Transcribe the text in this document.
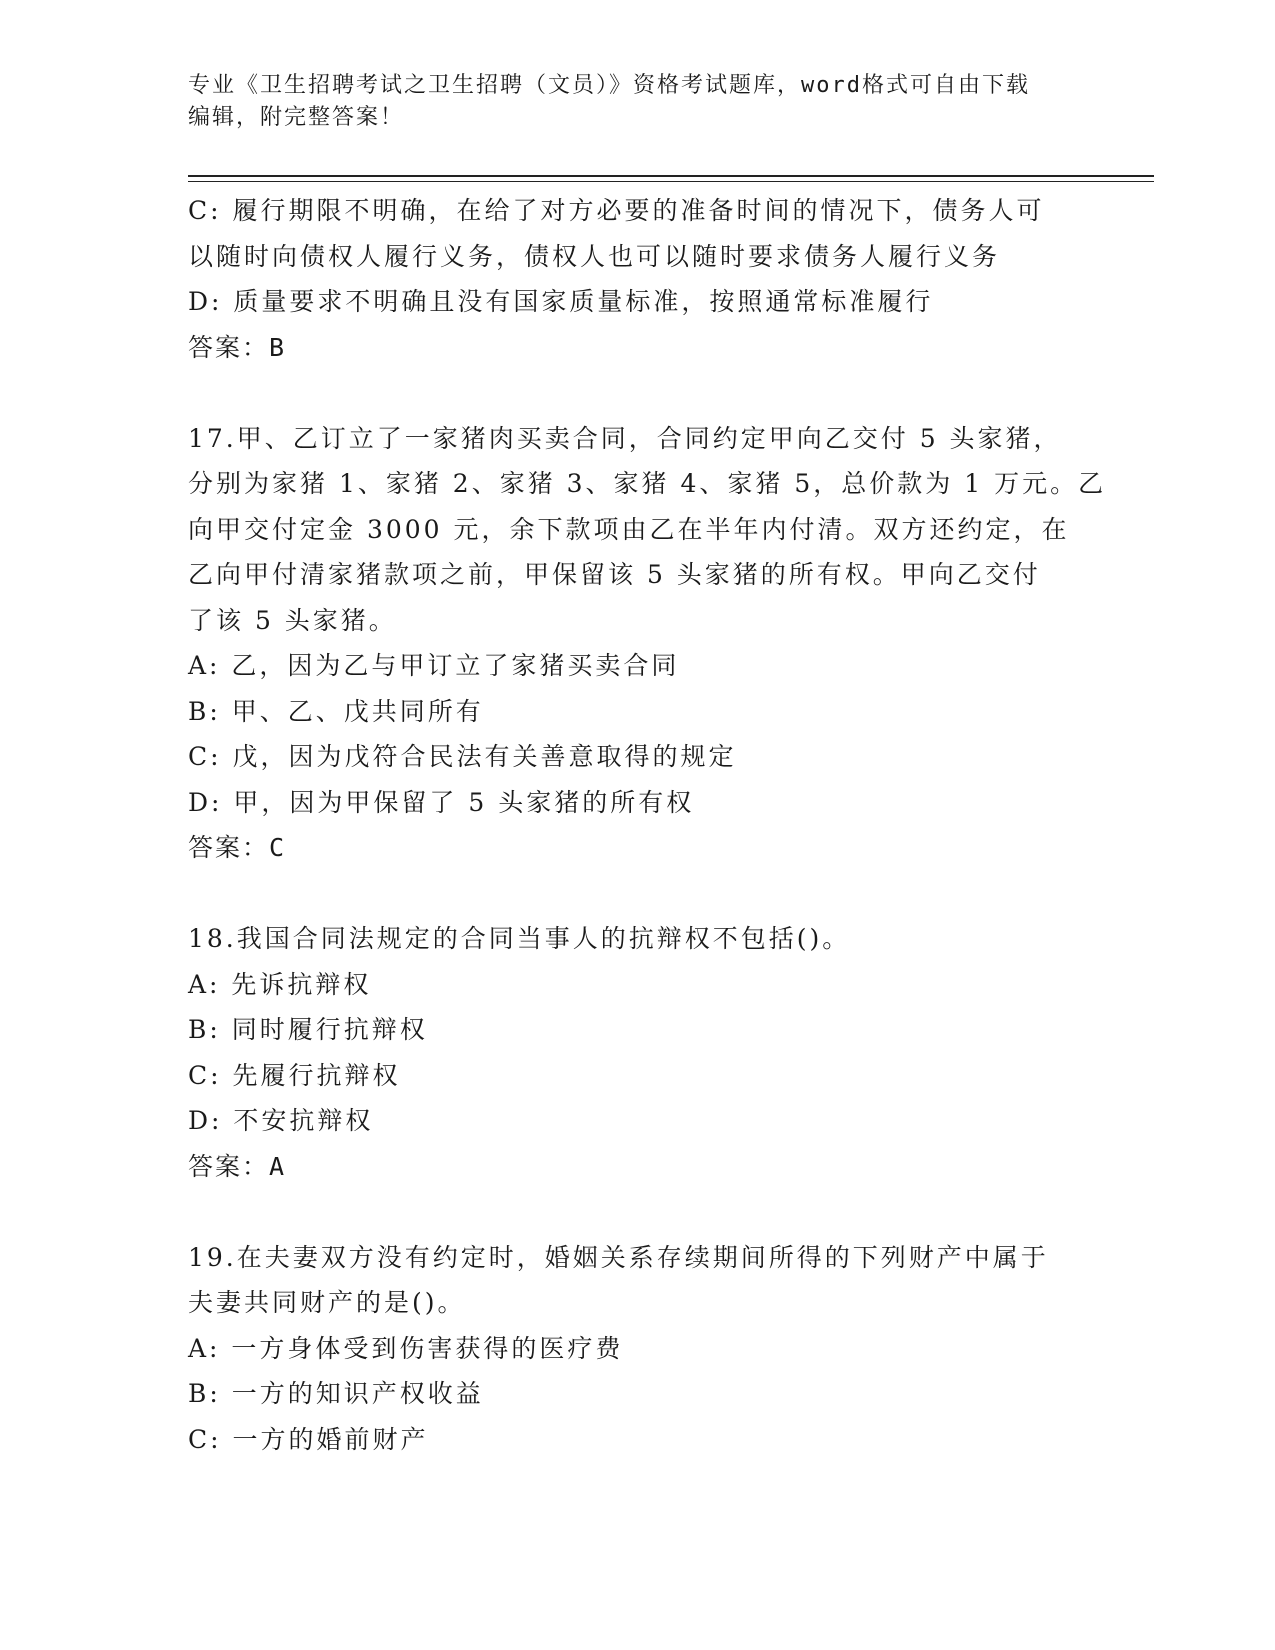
专业《卫生招聘考试之卫生招聘（文员）》资格考试题库，word格式可自由下载
编辑，附完整答案！
C: 履行期限不明确，在给了对方必要的准备时间的情况下，债务人可
以随时向债权人履行义务，债权人也可以随时要求债务人履行义务
D: 质量要求不明确且没有国家质量标准，按照通常标准履行
答案：B
17.甲、乙订立了一家猪肉买卖合同，合同约定甲向乙交付 5 头家猪，
分别为家猪 1、家猪 2、家猪 3、家猪 4、家猪 5，总价款为 1 万元。乙
向甲交付定金 3000 元，余下款项由乙在半年内付清。双方还约定，在
乙向甲付清家猪款项之前，甲保留该 5 头家猪的所有权。甲向乙交付
了该 5 头家猪。
A: 乙，因为乙与甲订立了家猪买卖合同
B: 甲、乙、戊共同所有
C: 戊，因为戊符合民法有关善意取得的规定
D: 甲，因为甲保留了 5 头家猪的所有权
答案：C
18.我国合同法规定的合同当事人的抗辩权不包括()。
A: 先诉抗辩权
B: 同时履行抗辩权
C: 先履行抗辩权
D: 不安抗辩权
答案：A
19.在夫妻双方没有约定时，婚姻关系存续期间所得的下列财产中属于
夫妻共同财产的是()。
A: 一方身体受到伤害获得的医疗费
B: 一方的知识产权收益
C: 一方的婚前财产
